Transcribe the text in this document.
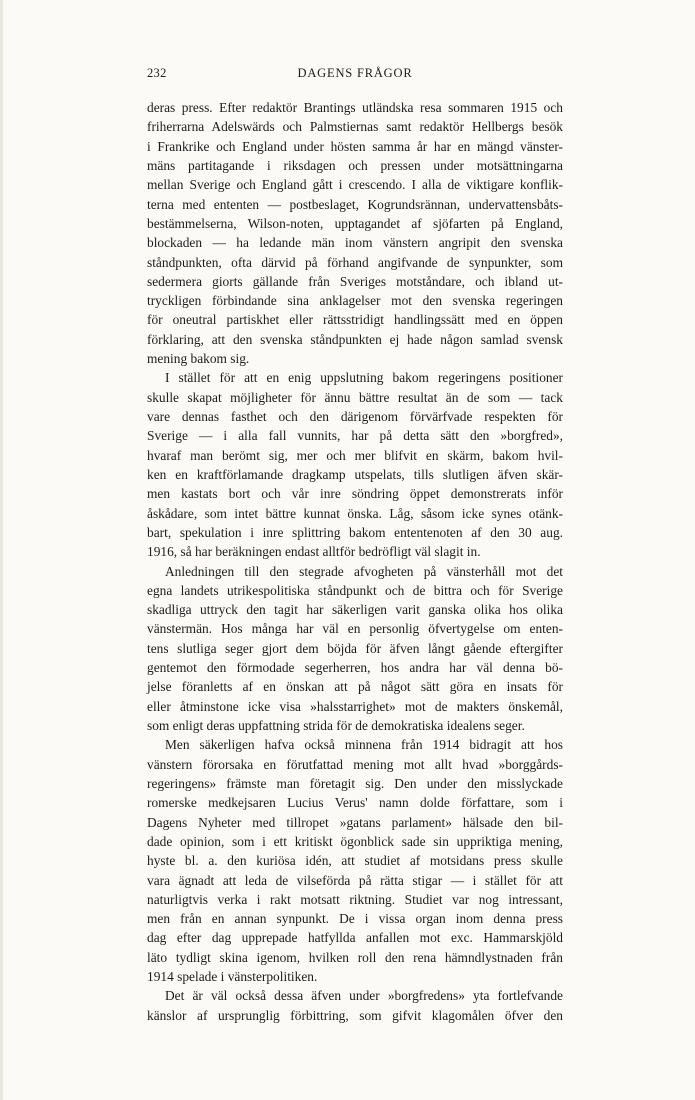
232	DAGENS FRÅGOR
deras press. Efter redaktör Brantings utländska resa sommaren 1915 och
friherrarna Adelswärds och Palmstiernas samt redaktör Hellbergs besök
i Frankrike och England under hösten samma år har en mängd vänster-
mäns partitagande i riksdagen och pressen under motsättningarna
mellan Sverige och England gått i crescendo. I alla de viktigare konflik-
terna med ententen — postbeslaget, Kogrundsrännan, undervattensbåts-
bestämmelserna, Wilson-noten, upptagandet af sjöfarten på England,
blockaden — ha ledande män inom vänstern angripit den svenska
ståndpunkten, ofta därvid på förhand angifvande de synpunkter, som
sedermera giorts gällande från Sveriges motståndare, och ibland ut-
tryckligen förbindande sina anklagelser mot den svenska regeringen
för oneutral partiskhet eller rättsstridigt handlingssätt med en öppen
förklaring, att den svenska ståndpunkten ej hade någon samlad svensk
mening bakom sig.
I stället för att en enig uppslutning bakom regeringens positioner
skulle skapat möjligheter för ännu bättre resultat än de som — tack
vare dennas fasthet och den därigenom förvärfvade respekten för
Sverige — i alla fall vunnits, har på detta sätt den »borgfred»,
hvaraf man berömt sig, mer och mer blifvit en skärm, bakom hvil-
ken en kraftförlamande dragkamp utspelats, tills slutligen äfven skär-
men kastats bort och vår inre söndring öppet demonstrerats inför
åskådare, som intet bättre kunnat önska. Låg, såsom icke synes otänk-
bart, spekulation i inre splittring bakom ententenoten af den 30 aug.
1916, så har beräkningen endast alltför bedröfligt väl slagit in.
Anledningen till den stegrade afvogheten på vänsterhåll mot det
egna landets utrikespolitiska ståndpunkt och de bittra och för Sverige
skadliga uttryck den tagit har säkerligen varit ganska olika hos olika
vänstermän. Hos många har väl en personlig öfvertygelse om enten-
tens slutliga seger gjort dem böjda för äfven långt gående eftergifter
gentemot den förmodade segerherren, hos andra har väl denna bö-
jelse föranletts af en önskan att på något sätt göra en insats för
eller åtminstone icke visa »halsstarrighet» mot de makters önskemål,
som enligt deras uppfattning strida för de demokratiska idealens seger.
Men säkerligen hafva också minnena från 1914 bidragit att hos
vänstern förorsaka en förutfattad mening mot allt hvad »borggårds-
regeringens» främste man företagit sig. Den under den misslyckade
romerske medkejsaren Lucius Verus' namn dolde författare, som i
Dagens Nyheter med tillropet »gatans parlament» hälsade den bil-
dade opinion, som i ett kritiskt ögonblick sade sin uppriktiga mening,
hyste bl. a. den kuriösa idén, att studiet af motsidans press skulle
vara ägnadt att leda de vilseförda på rätta stigar — i stället för att
naturligtvis verka i rakt motsatt riktning. Studiet var nog intressant,
men från en annan synpunkt. De i vissa organ inom denna press
dag efter dag upprepade hatfyllda anfallen mot exc. Hammarskjöld
läto tydligt skina igenom, hvilken roll den rena hämndlystnaden från
1914 spelade i vänsterpolitiken.
Det är väl också dessa äfven under »borgfredens» yta fortlefvande
känslor af ursprunglig förbittring, som gifvit klagomålen öfver den
